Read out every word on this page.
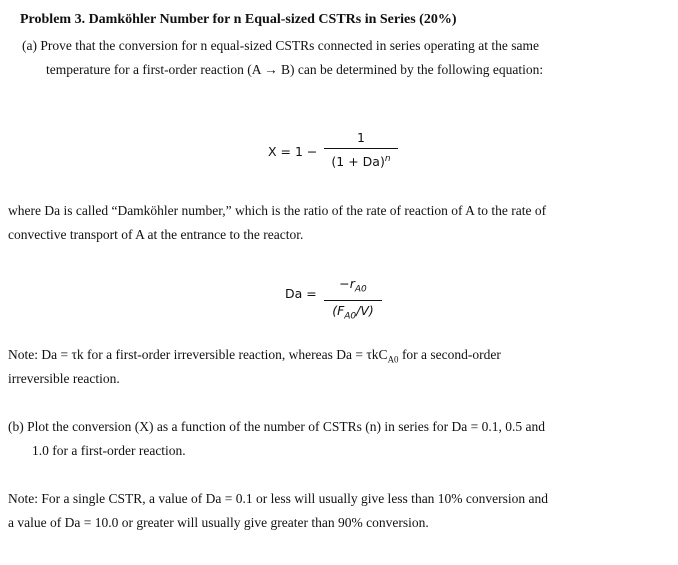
Problem 3. Damköhler Number for n Equal-sized CSTRs in Series (20%)
(a) Prove that the conversion for n equal-sized CSTRs connected in series operating at the same
temperature for a first-order reaction (A → B) can be determined by the following equation:
X = 1 −
1
$(1 + Da)^n$
where Da is called “Damköhler number,” which is the ratio of the rate of reaction of A to the rate of
convective transport of A at the entrance to the reactor.
Da =
$-r_{A0}$
$(F_{A0}/V)$
Note: Da = τk for a first-order irreversible reaction, whereas Da = τkC$_{A0}$ for a second-order
irreversible reaction.
(b) Plot the conversion (X) as a function of the number of CSTRs (n) in series for Da = 0.1, 0.5 and
1.0 for a first-order reaction.
Note: For a single CSTR, a value of Da = 0.1 or less will usually give less than 10% conversion and
a value of Da = 10.0 or greater will usually give greater than 90% conversion.
